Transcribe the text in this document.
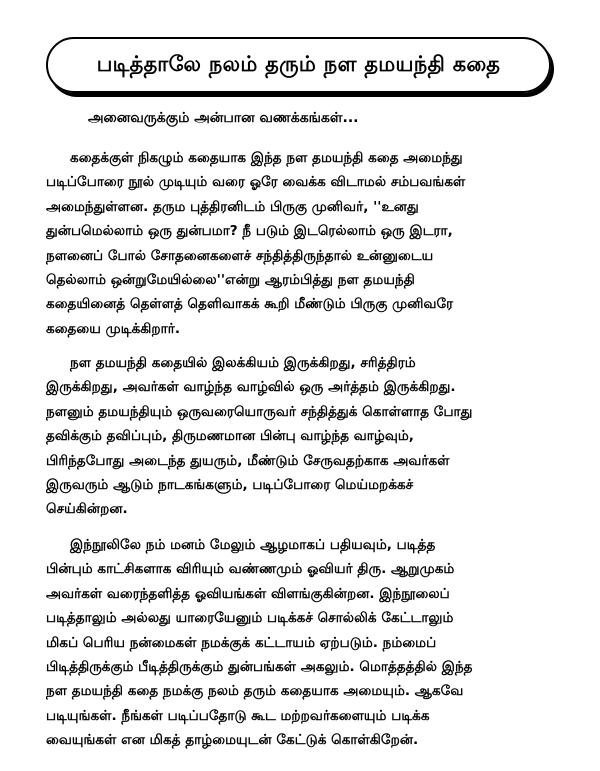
படித்தாலே நலம் தரும் நள தமயந்தி கதை
அனைவருக்கும் அன்பான வணக்கங்கள்...
கதைக்குள் நிகழும் கதையாக இந்த நள தமயந்தி கதை அமைந்து
படிப்போரை நூல் முடியும் வரை ஓரே வைக்க விடாமல் சம்பவங்கள்
அமைந்துள்ளன. தரும புத்திரனிடம் பிருகு முனிவர், ''உனது
துன்பமெல்லாம் ஒரு துன்பமா? நீ படும் இடரெல்லாம் ஒரு இடரா,
நளனைப் போல் சோதனைகளைச் சந்தித்திருந்தால் உன்னுடைய
தெல்லாம் ஒன்றுமேயில்லை''என்று ஆரம்பித்து நள தமயந்தி
கதையினைத் தெள்ளத் தெளிவாகக் கூறி மீண்டும் பிருகு முனிவரே
கதையை முடிக்கிறார்.
நள தமயந்தி கதையில் இலக்கியம் இருக்கிறது, சரித்திரம்
இருக்கிறது, அவர்கள் வாழ்ந்த வாழ்வில் ஒரு அர்த்தம் இருக்கிறது.
நளனும் தமயந்தியும் ஒருவரையொருவர் சந்தித்துக் கொள்ளாத போது
தவிக்கும் தவிப்பும், திருமணமான பின்பு வாழ்ந்த வாழ்வும்,
பிரிந்தபோது அடைந்த துயரும், மீண்டும் சேருவதற்காக அவர்கள்
இருவரும் ஆடும் நாடகங்களும், படிப்போரை மெய்மறக்கச்
செய்கின்றன.
இந்நூலிலே நம் மனம் மேலும் ஆழமாகப் பதியவும், படித்த
பின்பும் காட்சிகளாக விரியும் வண்ணமும் ஓவியர் திரு. ஆறுமுகம்
அவர்கள் வரைந்தளித்த ஓவியங்கள் விளங்குகின்றன. இந்நூலைப்
படித்தாலும் அல்லது யாரையேனும் படிக்கச் சொல்லிக் கேட்டாலும்
மிகப் பெரிய நன்மைகள் நமக்குக் கட்டாயம் ஏற்படும். நம்மைப்
பிடித்திருக்கும் பீடித்திருக்கும் துன்பங்கள் அகலும். மொத்தத்தில் இந்த
நள தமயந்தி கதை நமக்கு நலம் தரும் கதையாக அமையும். ஆகவே
படியுங்கள். நீங்கள் படிப்பதோடு கூட மற்றவர்களையும் படிக்க
வையுங்கள் என மிகத் தாழ்மையுடன் கேட்டுக் கொள்கிறேன்.
